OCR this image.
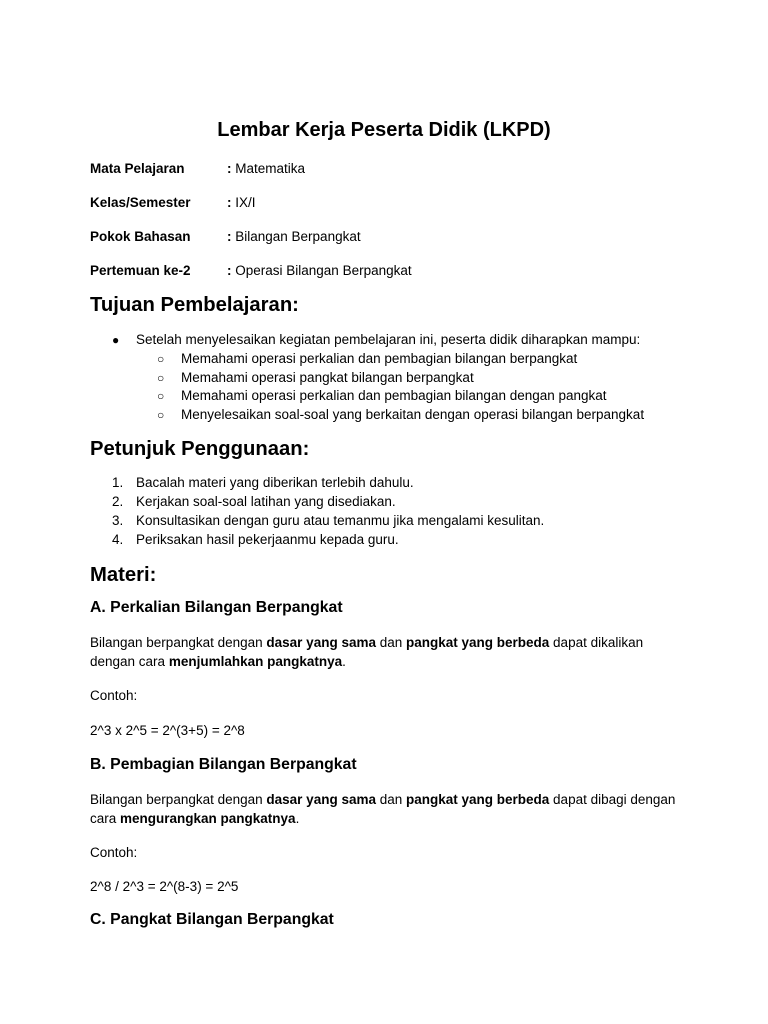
Lembar Kerja Peserta Didik (LKPD)
Mata Pelajaran	: Matematika
Kelas/Semester	: IX/I
Pokok Bahasan	: Bilangan Berpangkat
Pertemuan ke-2	: Operasi Bilangan Berpangkat
Tujuan Pembelajaran:
● Setelah menyelesaikan kegiatan pembelajaran ini, peserta didik diharapkan mampu:
○ Memahami operasi perkalian dan pembagian bilangan berpangkat
○ Memahami operasi pangkat bilangan berpangkat
○ Memahami operasi perkalian dan pembagian bilangan dengan pangkat
○ Menyelesaikan soal-soal yang berkaitan dengan operasi bilangan berpangkat
Petunjuk Penggunaan:
1. Bacalah materi yang diberikan terlebih dahulu.
2. Kerjakan soal-soal latihan yang disediakan.
3. Konsultasikan dengan guru atau temanmu jika mengalami kesulitan.
4. Periksakan hasil pekerjaanmu kepada guru.
Materi:
A. Perkalian Bilangan Berpangkat

Bilangan berpangkat dengan dasar yang sama dan pangkat yang berbeda dapat dikalikan dengan cara menjumlahkan pangkatnya.

Contoh:

2^3 x 2^5 = 2^(3+5) = 2^8

B. Pembagian Bilangan Berpangkat

Bilangan berpangkat dengan dasar yang sama dan pangkat yang berbeda dapat dibagi dengan cara mengurangkan pangkatnya.

Contoh:

2^8 / 2^3 = 2^(8-3) = 2^5

C. Pangkat Bilangan Berpangkat
